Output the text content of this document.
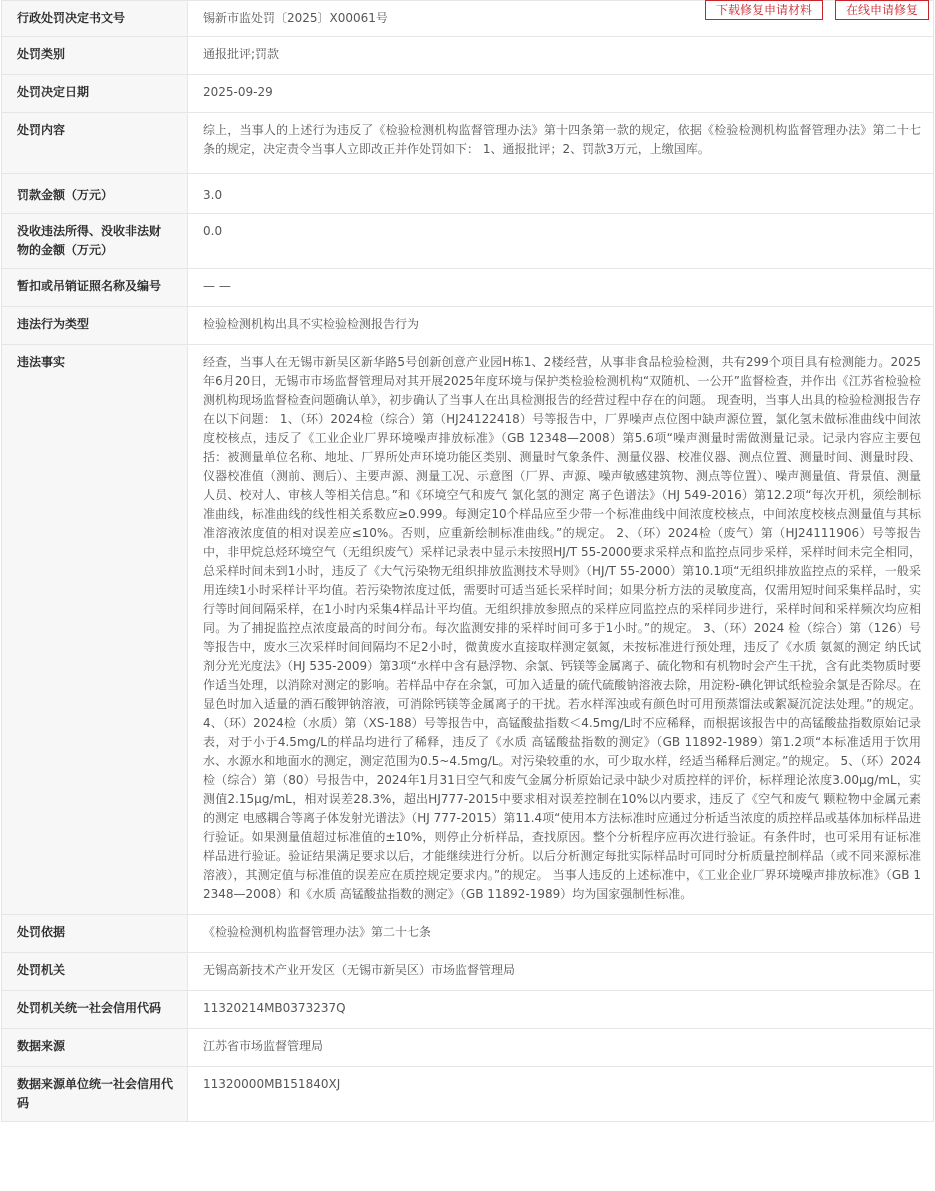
行政处罚决定书文号	锡新市监处罚〔2025〕X00061号
下载修复申请材料 在线申请修复

处罚类别	通报批评;罚款
处罚决定日期	2025-09-29
处罚内容	综上，当事人的上述行为违反了《检验检测机构监督管理办法》第十四条第一款的规定，依据《检验检测机构监督管理办法》第二十七条的规定，决定责令当事人立即改正并作处罚如下： 1、通报批评；2、罚款3万元，上缴国库。
罚款金额（万元）	3.0
没收违法所得、没收非法财物的金额（万元）	0.0
暂扣或吊销证照名称及编号	— —
违法行为类型	检验检测机构出具不实检验检测报告行为
违法事实	经查，当事人在无锡市新吴区新华路5号创新创意产业园H栋1、2楼经营，从事非食品检验检测，共有299个项目具有检测能力。2025年6月20日，无锡市市场监督管理局对其开展2025年度环境与保护类检验检测机构“双随机、一公开”监督检查，并作出《江苏省检验检测机构现场监督检查问题确认单》，初步确认了当事人在出具检测报告的经营过程中存在的问题。 现查明，当事人出具的检验检测报告存在以下问题： 1、（环）2024检（综合）第（HJ24122418）号等报告中，厂界噪声点位图中缺声源位置，氯化氢未做标准曲线中间浓度校核点，违反了《工业企业厂界环境噪声排放标准》（GB 12348—2008）第5.6项“噪声测量时需做测量记录。记录内容应主要包括：被测量单位名称、地址、厂界所处声环境功能区类别、测量时气象条件、测量仪器、校准仪器、测点位置、测量时间、测量时段、仪器校准值（测前、测后）、主要声源、测量工况、示意图（厂界、声源、噪声敏感建筑物、测点等位置）、噪声测量值、背景值、测量人员、校对人、审核人等相关信息。”和《环境空气和废气 氯化氢的测定 离子色谱法》（HJ 549-2016）第12.2项“每次开机，须绘制标准曲线，标准曲线的线性相关系数应≥0.999。每测定10个样品应至少带一个标准曲线中间浓度校核点，中间浓度校核点测量值与其标准溶液浓度值的相对误差应≤10%。否则，应重新绘制标准曲线。”的规定。 2、（环）2024检（废气）第（HJ24111906）号等报告中，非甲烷总烃环境空气（无组织废气）采样记录表中显示未按照HJ/T 55-2000要求采样点和监控点同步采样，采样时间未完全相同，总采样时间未到1小时，违反了《大气污染物无组织排放监测技术导则》（HJ/T 55-2000）第10.1项“无组织排放监控点的采样，一般采用连续1小时采样计平均值。若污染物浓度过低，需要时可适当延长采样时间；如果分析方法的灵敏度高，仅需用短时间采集样品时，实行等时间间隔采样，在1小时内采集4样品计平均值。无组织排放参照点的采样应同监控点的采样同步进行，采样时间和采样频次均应相同。为了捕捉监控点浓度最高的时间分布。每次监测安排的采样时间可多于1小时。”的规定。 3、（环）2024 检（综合）第（126）号等报告中，废水三次采样时间间隔均不足2小时，微黄废水直接取样测定氨氮，未按标准进行预处理，违反了《水质 氨氮的测定 纳氏试剂分光光度法》（HJ 535-2009）第3项“水样中含有悬浮物、余氯、钙镁等金属离子、硫化物和有机物时会产生干扰，含有此类物质时要作适当处理，以消除对测定的影响。若样品中存在余氯，可加入适量的硫代硫酸钠溶液去除，用淀粉-碘化钾试纸检验余氯是否除尽。在显色时加入适量的酒石酸钾钠溶液，可消除钙镁等金属离子的干扰。若水样浑浊或有颜色时可用预蒸馏法或絮凝沉淀法处理。”的规定。 4、（环）2024检（水质）第（XS-188）号等报告中，高锰酸盐指数＜4.5mg/L时不应稀释，而根据该报告中的高锰酸盐指数原始记录表，对于小于4.5mg/L的样品均进行了稀释，违反了《水质 高锰酸盐指数的测定》（GB 11892-1989）第1.2项“本标准适用于饮用水、水源水和地面水的测定，测定范围为0.5~4.5mg/L。对污染较重的水，可少取水样，经适当稀释后测定。”的规定。 5、（环）2024检（综合）第（80）号报告中，2024年1月31日空气和废气金属分析原始记录中缺少对质控样的评价，标样理论浓度3.00μg/mL，实测值2.15μg/mL，相对误差28.3%，超出HJ777-2015中要求相对误差控制在10%以内要求，违反了《空气和废气 颗粒物中金属元素的测定 电感耦合等离子体发射光谱法》（HJ 777-2015）第11.4项“使用本方法标准时应通过分析适当浓度的质控样品或基体加标样品进行验证。如果测量值超过标准值的±10%，则停止分析样品，查找原因。整个分析程序应再次进行验证。有条件时，也可采用有证标准样品进行验证。验证结果满足要求以后，才能继续进行分析。以后分析测定每批实际样品时可同时分析质量控制样品（或不同来源标准溶液），其测定值与标准值的误差应在质控规定要求内。”的规定。 当事人违反的上述标准中，《工业企业厂界环境噪声排放标准》（GB 12348—2008）和《水质 高锰酸盐指数的测定》（GB 11892-1989）均为国家强制性标准。
处罚依据	《检验检测机构监督管理办法》第二十七条
处罚机关	无锡高新技术产业开发区（无锡市新吴区）市场监督管理局
处罚机关统一社会信用代码	11320214MB0373237Q
数据来源	江苏省市场监督管理局
数据来源单位统一社会信用代码	11320000MB151840XJ
